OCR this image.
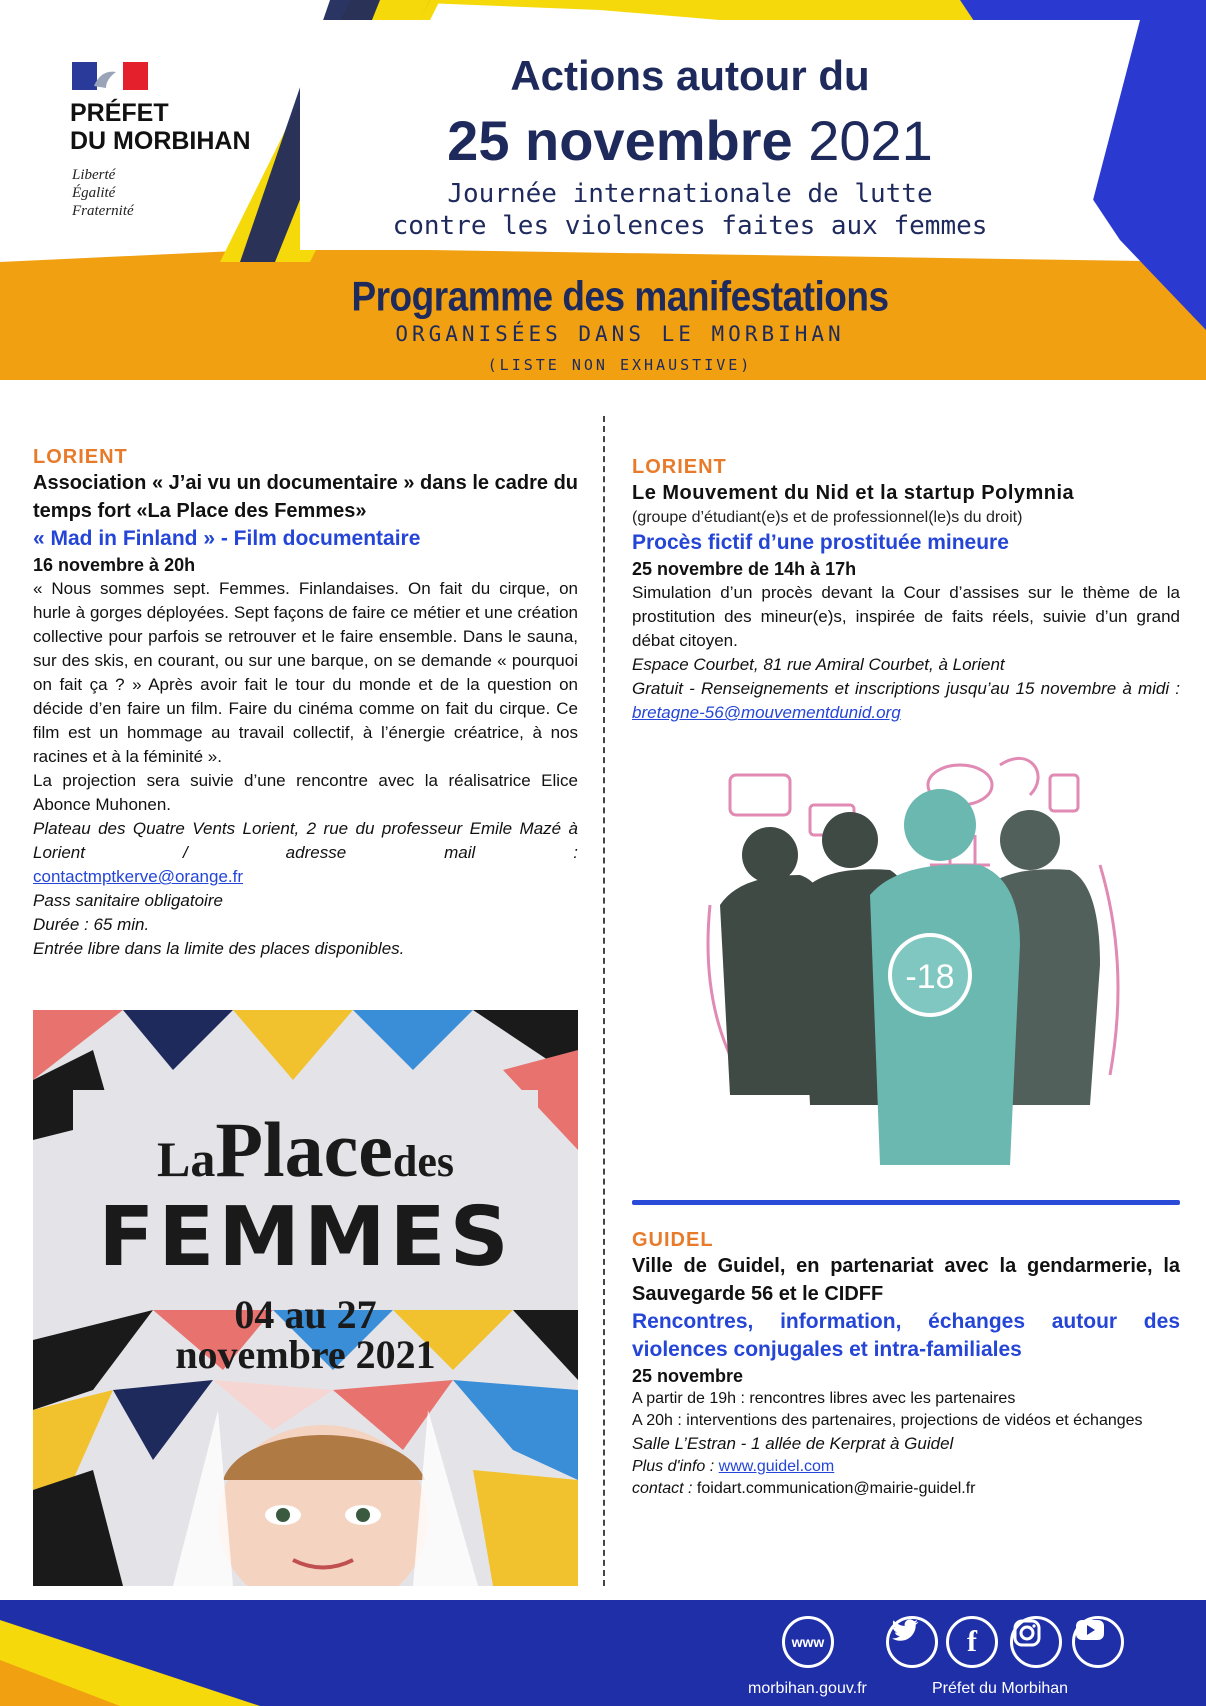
PRÉFET
DU MORBIHAN
Liberté
Égalité
Fraternité
Actions autour du
25 novembre 2021
Journée internationale de lutte
contre les violences faites aux femmes
Programme des manifestations
ORGANISÉES DANS LE MORBIHAN
(LISTE NON EXHAUSTIVE)
LORIENT
Association « J’ai vu un documentaire » dans le cadre du temps fort «La Place des Femmes»
« Mad in Finland » - Film documentaire
16 novembre à 20h
« Nous sommes sept. Femmes. Finlandaises. On fait du cirque, on hurle à gorges déployées. Sept façons de faire ce métier et une création collective pour parfois se retrouver et le faire ensemble. Dans le sauna, sur des skis, en courant, ou sur une barque, on se demande « pourquoi on fait ça ? » Après avoir fait le tour du monde et de la question on décide d’en faire un film. Faire du cinéma comme on fait du cirque. Ce film est un hommage au travail collectif, à l’énergie créatrice, à nos racines et à la féminité ».
La projection sera suivie d’une rencontre avec la réalisatrice Elice Abonce Muhonen.
Plateau des Quatre Vents Lorient, 2 rue du professeur Emile Mazé à Lorient / adresse mail :
contactmptkerve@orange.fr
Pass sanitaire obligatoire
Durée : 65 min.
Entrée libre dans la limite des places disponibles.
LaPlacedes
FEMMES
04 au 27
novembre 2021
LORIENT
Le Mouvement du Nid et la startup Polymnia
(groupe d’étudiant(e)s et de professionnel(le)s du droit)
Procès fictif d’une prostituée mineure
25 novembre de 14h à 17h
Simulation d’un procès devant la Cour d’assises sur le thème de la prostitution des mineur(e)s, inspirée de faits réels, suivie d’un grand débat citoyen.
Espace Courbet, 81 rue Amiral Courbet, à Lorient
Gratuit - Renseignements et inscriptions jusqu’au 15 novembre à midi : bretagne-56@mouvementdunid.org
-18
GUIDEL
Ville de Guidel, en partenariat avec la gendarmerie, la Sauvegarde 56 et le CIDFF
Rencontres, information, échanges autour des violences conjugales et intra-familiales
25 novembre
A partir de 19h : rencontres libres avec les partenaires
A 20h : interventions des partenaires, projections de vidéos et échanges
Salle L’Estran - 1 allée de Kerprat à Guidel
Plus d'info : www.guidel.com
contact : foidart.communication@mairie-guidel.fr
www	f
morbihan.gouv.fr	Préfet du Morbihan
